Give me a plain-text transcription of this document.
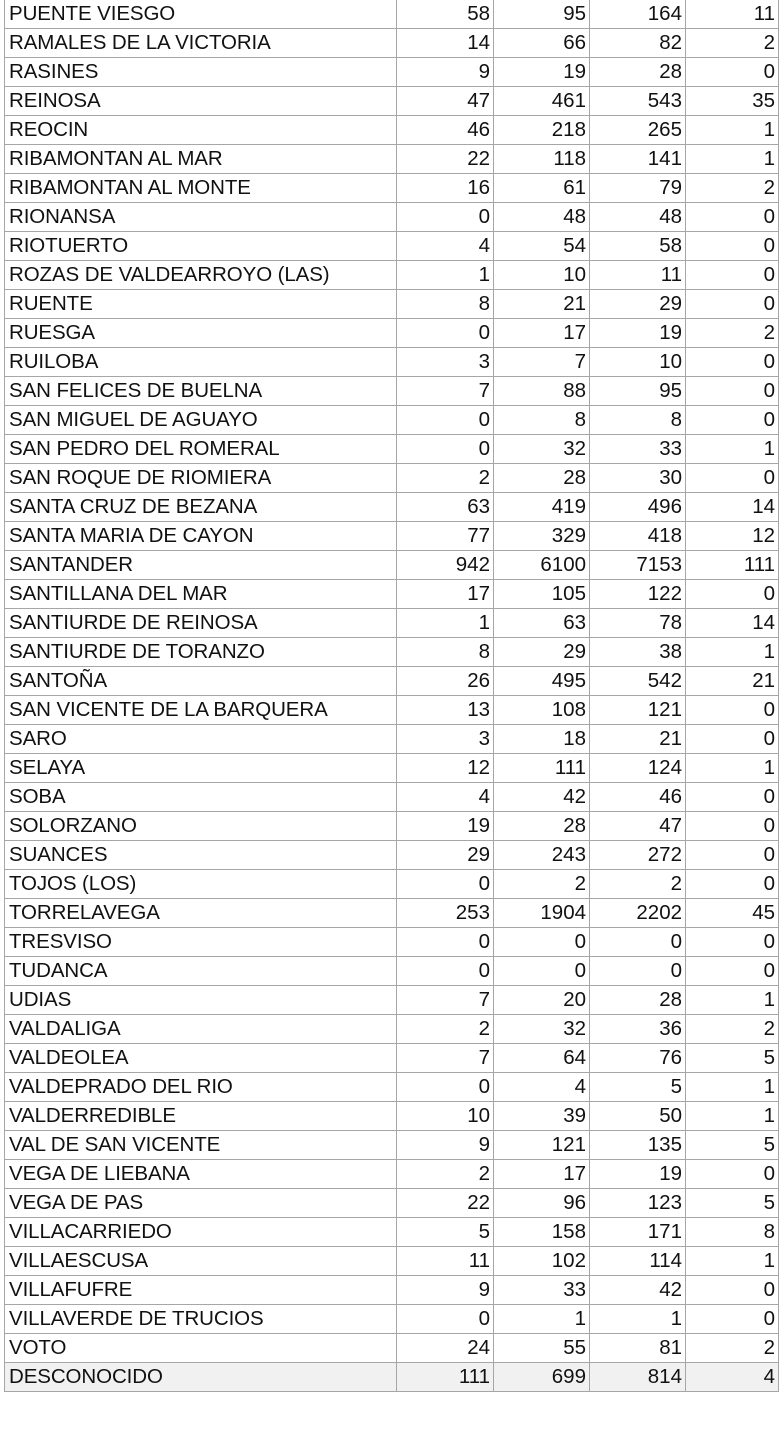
PUENTE VIESGO	58	95	164	11
RAMALES DE LA VICTORIA	14	66	82	2
RASINES	9	19	28	0
REINOSA	47	461	543	35
REOCIN	46	218	265	1
RIBAMONTAN AL MAR	22	118	141	1
RIBAMONTAN AL MONTE	16	61	79	2
RIONANSA	0	48	48	0
RIOTUERTO	4	54	58	0
ROZAS DE VALDEARROYO (LAS)	1	10	11	0
RUENTE	8	21	29	0
RUESGA	0	17	19	2
RUILOBA	3	7	10	0
SAN FELICES DE BUELNA	7	88	95	0
SAN MIGUEL DE AGUAYO	0	8	8	0
SAN PEDRO DEL ROMERAL	0	32	33	1
SAN ROQUE DE RIOMIERA	2	28	30	0
SANTA CRUZ DE BEZANA	63	419	496	14
SANTA MARIA DE CAYON	77	329	418	12
SANTANDER	942	6100	7153	111
SANTILLANA DEL MAR	17	105	122	0
SANTIURDE DE REINOSA	1	63	78	14
SANTIURDE DE TORANZO	8	29	38	1
SANTOÑA	26	495	542	21
SAN VICENTE DE LA BARQUERA	13	108	121	0
SARO	3	18	21	0
SELAYA	12	111	124	1
SOBA	4	42	46	0
SOLORZANO	19	28	47	0
SUANCES	29	243	272	0
TOJOS (LOS)	0	2	2	0
TORRELAVEGA	253	1904	2202	45
TRESVISO	0	0	0	0
TUDANCA	0	0	0	0
UDIAS	7	20	28	1
VALDALIGA	2	32	36	2
VALDEOLEA	7	64	76	5
VALDEPRADO DEL RIO	0	4	5	1
VALDERREDIBLE	10	39	50	1
VAL DE SAN VICENTE	9	121	135	5
VEGA DE LIEBANA	2	17	19	0
VEGA DE PAS	22	96	123	5
VILLACARRIEDO	5	158	171	8
VILLAESCUSA	11	102	114	1
VILLAFUFRE	9	33	42	0
VILLAVERDE DE TRUCIOS	0	1	1	0
VOTO	24	55	81	2
DESCONOCIDO	111	699	814	4
